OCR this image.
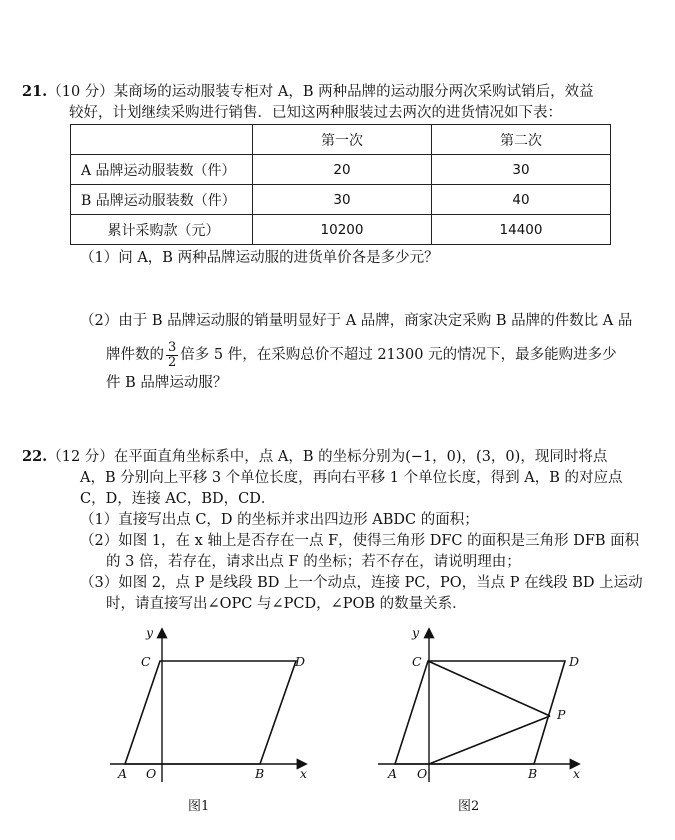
21.（10 分）某商场的运动服装专柜对 A，B 两种品牌的运动服分两次采购试销后，效益
较好，计划继续采购进行销售．已知这两种服装过去两次的进货情况如下表：
	第一次	第二次
A 品牌运动服装数（件）	20	30
B 品牌运动服装数（件）	30	40
累计采购款（元）	10200	14400
（1）问 A，B 两种品牌运动服的进货单价各是多少元？
（2）由于 B 品牌运动服的销量明显好于 A 品牌，商家决定采购 B 品牌的件数比 A 品
牌件数的 $\frac{3}{2}$ 倍多 5 件，在采购总价不超过 21300 元的情况下，最多能购进多少
件 B 品牌运动服？
22.（12 分）在平面直角坐标系中，点 A，B 的坐标分别为(−1，0)，(3，0)，现同时将点
A，B 分别向上平移 3 个单位长度，再向右平移 1 个单位长度，得到 A，B 的对应点
C，D，连接 AC，BD，CD．
（1）直接写出点 C，D 的坐标并求出四边形 ABDC 的面积；
（2）如图 1，在 x 轴上是否存在一点 F，使得三角形 DFC 的面积是三角形 DFB 面积
的 3 倍，若存在，请求出点 F 的坐标；若不存在，请说明理由；
（3）如图 2，点 P 是线段 BD 上一个动点，连接 PC，PO，当点 P 在线段 BD 上运动
时，请直接写出∠OPC 与∠PCD，∠POB 的数量关系．
y
C	D
A O	B	x
图1
y
C	D
P
A O	B	x
图2
